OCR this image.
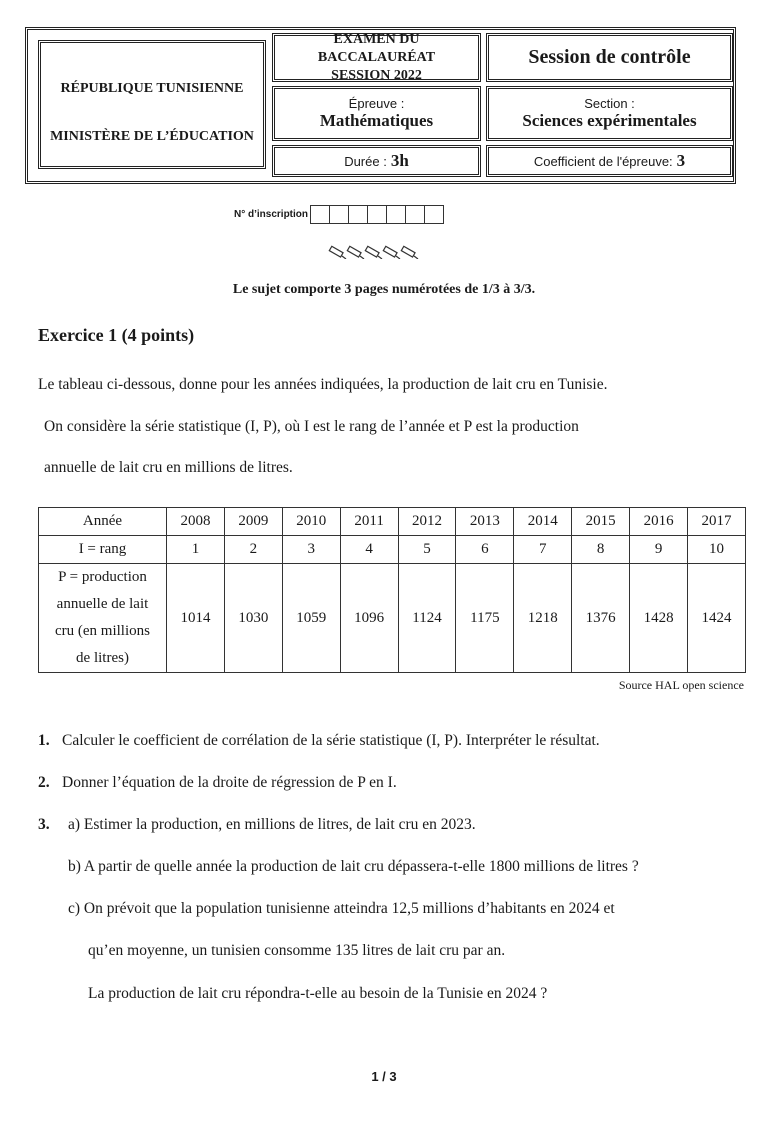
RÉPUBLIQUE TUNISIENNE
MINISTÈRE DE L’ÉDUCATION
EXAMEN DU BACCALAURÉAT
SESSION 2022
Session de contrôle
Épreuve :
Mathématiques
Section :
Sciences expérimentales
Durée : 3h	Coefficient de l'épreuve: 3
N° d’inscription
Le sujet comporte 3 pages numérotées de 1/3 à 3/3.
Exercice 1 (4 points)
Le tableau ci-dessous, donne pour les années indiquées, la production de lait cru en Tunisie.
On considère la série statistique (I, P), où I est le rang de l’année et P est la production
annuelle de lait cru en millions de litres.
Année	2008	2009	2010	2011	2012	2013	2014	2015	2016	2017
I = rang	1	2	3	4	5	6	7	8	9	10

P = production
annuelle de lait
cru (en millions
de litres)	1014	1030	1059	1096	1124	1175	1218	1376	1428	1424
Source HAL open science
1. Calculer le coefficient de corrélation de la série statistique (I, P). Interpréter le résultat.
2. Donner l’équation de la droite de régression de P en I.
3. a) Estimer la production, en millions de litres, de lait cru en 2023.
b) A partir de quelle année la production de lait cru dépassera-t-elle 1800 millions de litres ?
c) On prévoit que la population tunisienne atteindra 12,5 millions d’habitants en 2024 et
qu’en moyenne, un tunisien consomme 135 litres de lait cru par an.
La production de lait cru répondra-t-elle au besoin de la Tunisie en 2024 ?
1 / 3
